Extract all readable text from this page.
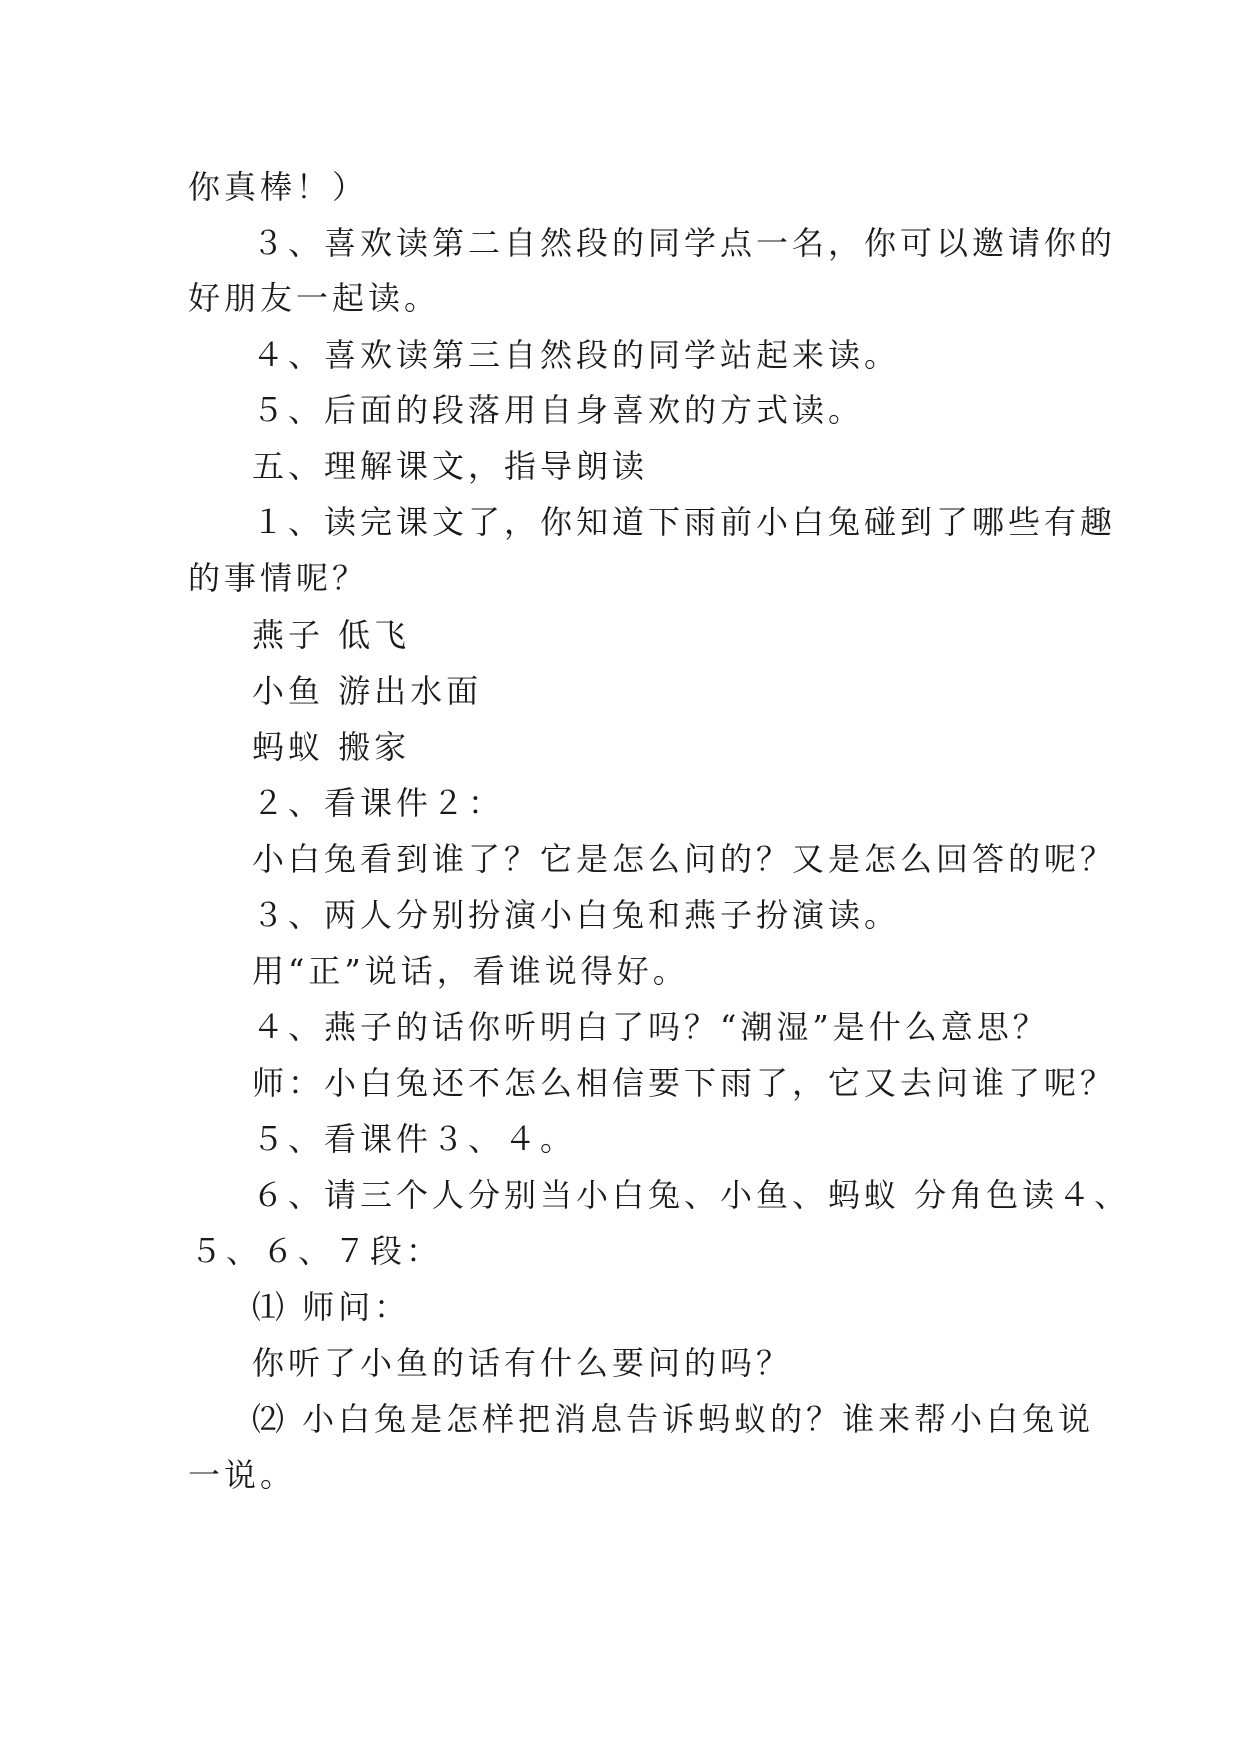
你真棒！）
３、喜欢读第二自然段的同学点一名，你可以邀请你的
好朋友一起读。
４、喜欢读第三自然段的同学站起来读。
５、后面的段落用自身喜欢的方式读。
五、理解课文，指导朗读
１、读完课文了，你知道下雨前小白兔碰到了哪些有趣
的事情呢？
燕子 低飞
小鱼 游出水面
蚂蚁 搬家
２、看课件２：
小白兔看到谁了？它是怎么问的？又是怎么回答的呢？
３、两人分别扮演小白兔和燕子扮演读。
用“正”说话，看谁说得好。
４、燕子的话你听明白了吗？“潮湿”是什么意思？
师：小白兔还不怎么相信要下雨了，它又去问谁了呢？
５、看课件３、４。
６、请三个人分别当小白兔、小鱼、蚂蚁 分角色读４、
５、６、７段：
⑴ 师问：
你听了小鱼的话有什么要问的吗？
⑵ 小白兔是怎样把消息告诉蚂蚁的？谁来帮小白兔说
一说。
